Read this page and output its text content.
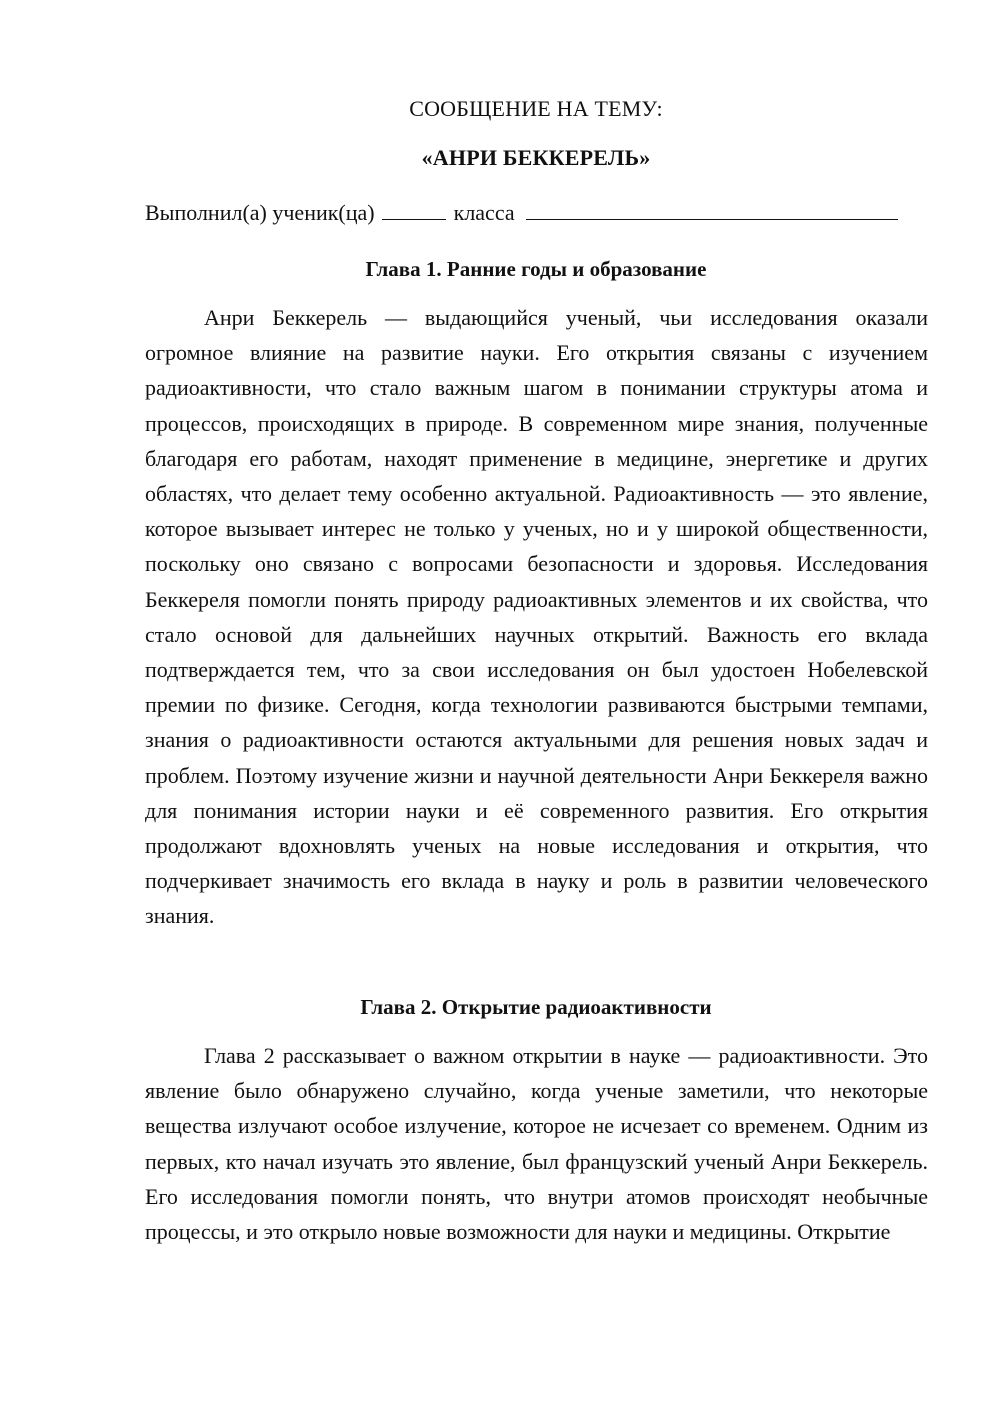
СООБЩЕНИЕ НА ТЕМУ:
«АНРИ БЕККЕРЕЛЬ»
Выполнил(а) ученик(ца)	класса
Глава 1. Ранние годы и образование

Анри Беккерель — выдающийся ученый, чьи исследования оказали огромное влияние на развитие науки. Его открытия связаны с изучением радиоактивности, что стало важным шагом в понимании структуры атома и процессов, происходящих в природе. В современном мире знания, полученные благодаря его работам, находят применение в медицине, энергетике и других областях, что делает тему особенно актуальной. Радиоактивность — это явление, которое вызывает интерес не только у ученых, но и у широкой общественности, поскольку оно связано с вопросами безопасности и здоровья. Исследования Беккереля помогли понять природу радиоактивных элементов и их свойства, что стало основой для дальнейших научных открытий. Важность его вклада подтверждается тем, что за свои исследования он был удостоен Нобелевской премии по физике. Сегодня, когда технологии развиваются быстрыми темпами, знания о радиоактивности остаются актуальными для решения новых задач и проблем. Поэтому изучение жизни и научной деятельности Анри Беккереля важно для понимания истории науки и её современного развития. Его открытия продолжают вдохновлять ученых на новые исследования и открытия, что подчеркивает значимость его вклада в науку и роль в развитии человеческого знания.

Глава 2. Открытие радиоактивности

Глава 2 рассказывает о важном открытии в науке — радиоактивности. Это явление было обнаружено случайно, когда ученые заметили, что некоторые вещества излучают особое излучение, которое не исчезает со временем. Одним из первых, кто начал изучать это явление, был французский ученый Анри Беккерель. Его исследования помогли понять, что внутри атомов происходят необычные процессы, и это открыло новые возможности для науки и медицины. Открытие
